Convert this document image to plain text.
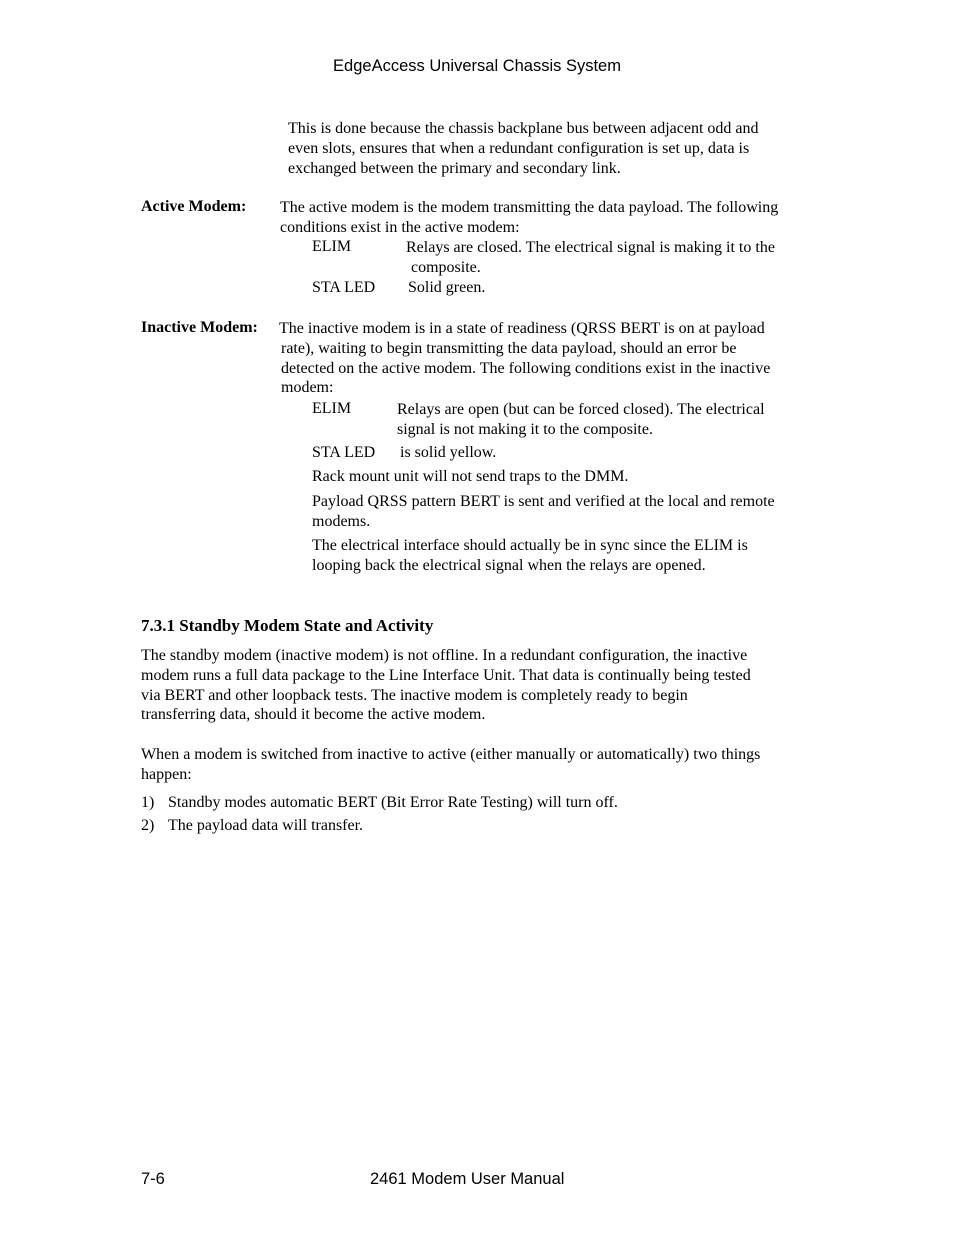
EdgeAccess Universal Chassis System

This is done because the chassis backplane bus between adjacent odd and

even slots, ensures that when a redundant configuration is set up, data is

exchanged between the primary and secondary link.

Active Modem: The active modem is the modem transmitting the data payload. The following

conditions exist in the active modem:

ELIM	Relays are closed. The electrical signal is making it to the

composite.

STA LED Solid green.
Inactive Modem: The inactive modem is in a state of readiness (QRSS BERT is on at payload

rate), waiting to begin transmitting the data payload, should an error be

detected on the active modem. The following conditions exist in the inactive

modem:

ELIM	Relays are open (but can be forced closed). The electrical

signal is not making it to the composite.

STA LED is solid yellow.
Rack mount unit will not send traps to the DMM.

Payload QRSS pattern BERT is sent and verified at the local and remote

modems.

The electrical interface should actually be in sync since the ELIM is

looping back the electrical signal when the relays are opened.

7.3.1 Standby Modem State and Activity

The standby modem (inactive modem) is not offline. In a redundant configuration, the inactive

modem runs a full data package to the Line Interface Unit. That data is continually being tested

via BERT and other loopback tests. The inactive modem is completely ready to begin

transferring data, should it become the active modem.

When a modem is switched from inactive to active (either manually or automatically) two things

happen:

1) Standby modes automatic BERT (Bit Error Rate Testing) will turn off.
2) The payload data will transfer.
7-6	2461 Modem User Manual
